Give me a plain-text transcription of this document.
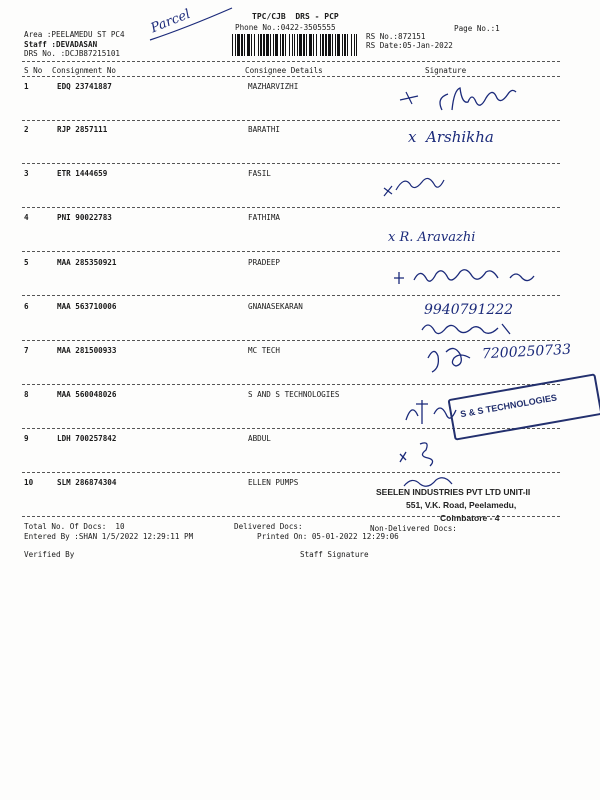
TPC/CJB  DRS - PCP
Phone No.:0422-3505555	Page No.:1
Area :PEELAMEDU ST PC4
Staff :DEVADASAN
DRS No. :DCJB87215101
RS No.:872151
RS Date:05-Jan-2022
Parcel
S No Consignment No	Consignee Details	Signature
1	EDQ 23741887	MAZHARVIZHI
2	RJP 2857111	BARATHI
3	ETR 1444659	FASIL
4	PNI 90022783	FATHIMA
5	MAA 285350921	PRADEEP
6	MAA 563710006	GNANASEKARAN
7	MAA 281500933	MC TECH
8	MAA 560048026	S AND S TECHNOLOGIES
9	LDH 700257842	ABDUL
10	SLM 286874304	ELLEN PUMPS
x  Arshikha
x R. Aravazhi
9940791222
7200250733
S & S TECHNOLOGIES
SEELEN INDUSTRIES PVT LTD UNIT-II
551, V.K. Road, Peelamedu,
Coimbatore - 4
Total No. Of Docs:  10	Delivered Docs:	Non-Delivered Docs:
Entered By :SHAN 1/5/2022 12:29:11 PM	Printed On: 05-01-2022 12:29:06
Verified By	Staff Signature
